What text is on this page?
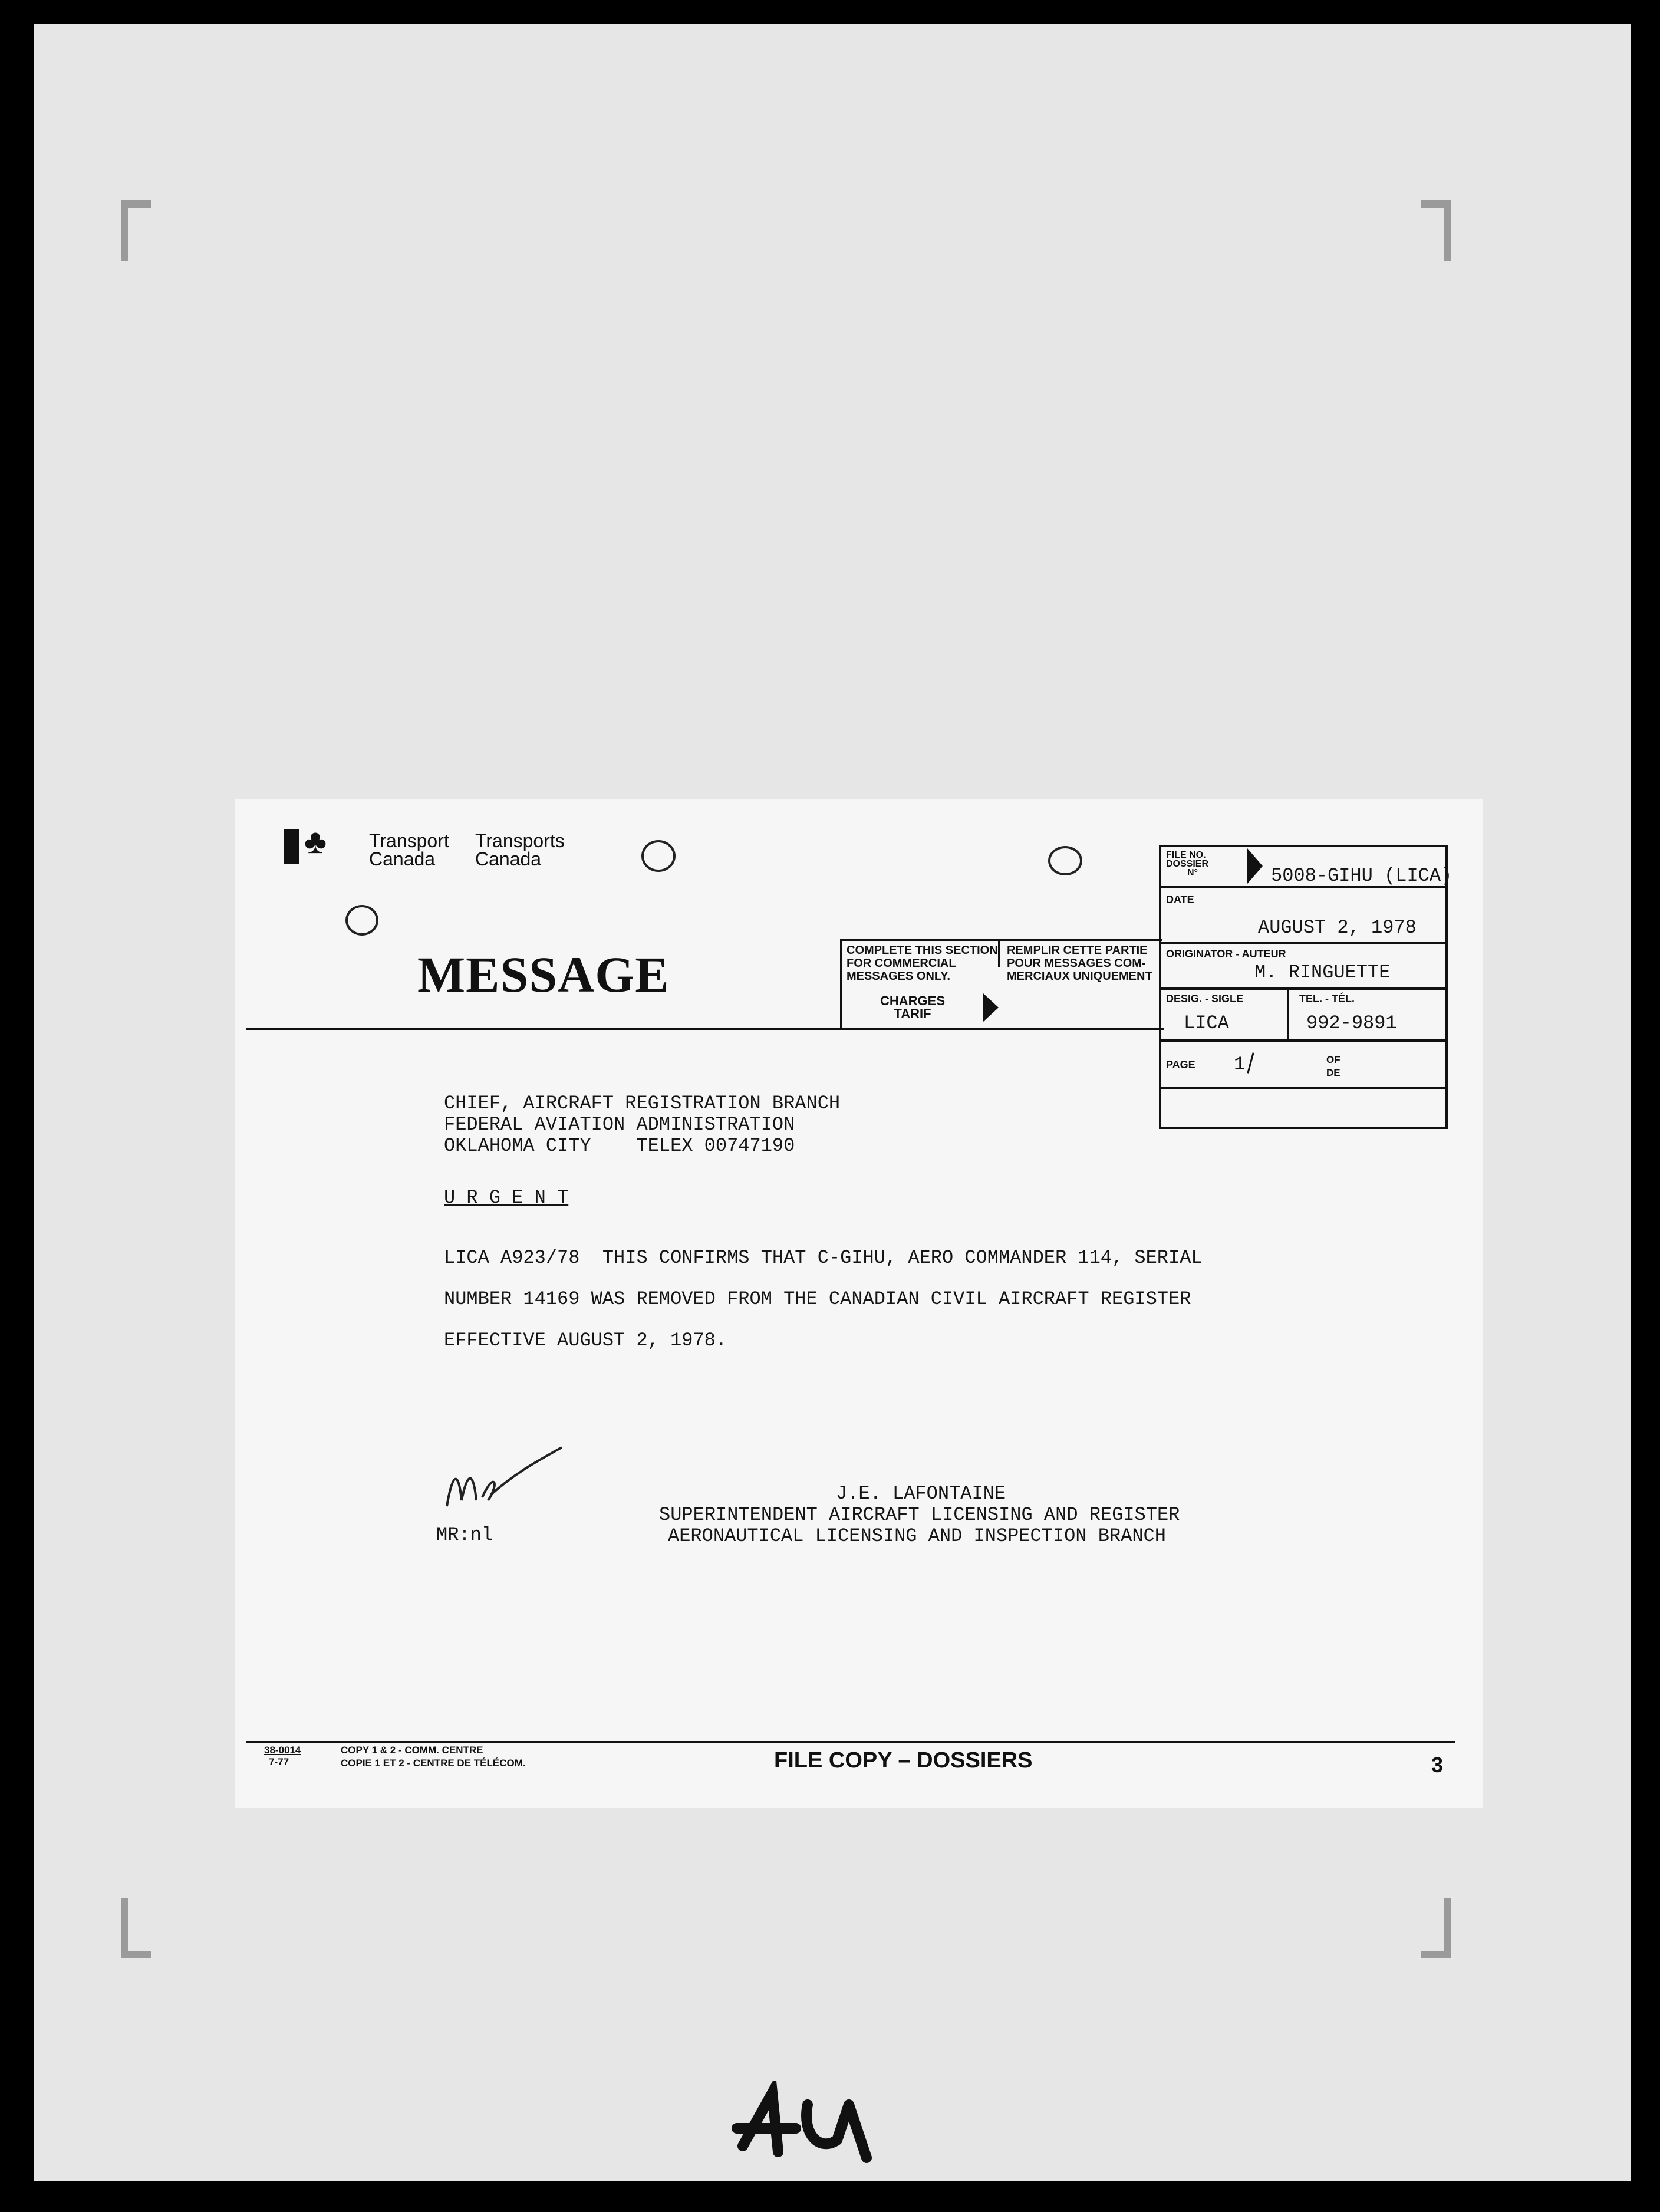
♣ Transport
Canada
Transports
Canada
MESSAGE	COMPLETE THIS SECTION
FOR COMMERCIAL
MESSAGES ONLY.
REMPLIR CETTE PARTIE
POUR MESSAGES COM-
MERCIAUX UNIQUEMENT
CHARGES
TARIF
FILE NO.
DOSSIER
N°	5008-GIHU (LICA)
DATE
AUGUST 2, 1978
ORIGINATOR - AUTEUR
M. RINGUETTE
DESIG. - SIGLE
LICA
TEL. - TÉL.
992-9891
PAGE 1	OF
DE
CHIEF, AIRCRAFT REGISTRATION BRANCH
FEDERAL AVIATION ADMINISTRATION
OKLAHOMA CITY    TELEX 00747190
U R G E N T
LICA A923/78  THIS CONFIRMS THAT C-GIHU, AERO COMMANDER 114, SERIAL
NUMBER 14169 WAS REMOVED FROM THE CANADIAN CIVIL AIRCRAFT REGISTER
EFFECTIVE AUGUST 2, 1978.
J.E. LAFONTAINE
SUPERINTENDENT AIRCRAFT LICENSING AND REGISTER
AERONAUTICAL LICENSING AND INSPECTION BRANCH
MR:nl
38-0014
7-77
COPY 1 & 2 - COMM. CENTRE
COPIE 1 ET 2 - CENTRE DE TÉLÉCOM.	FILE COPY – DOSSIERS	3
